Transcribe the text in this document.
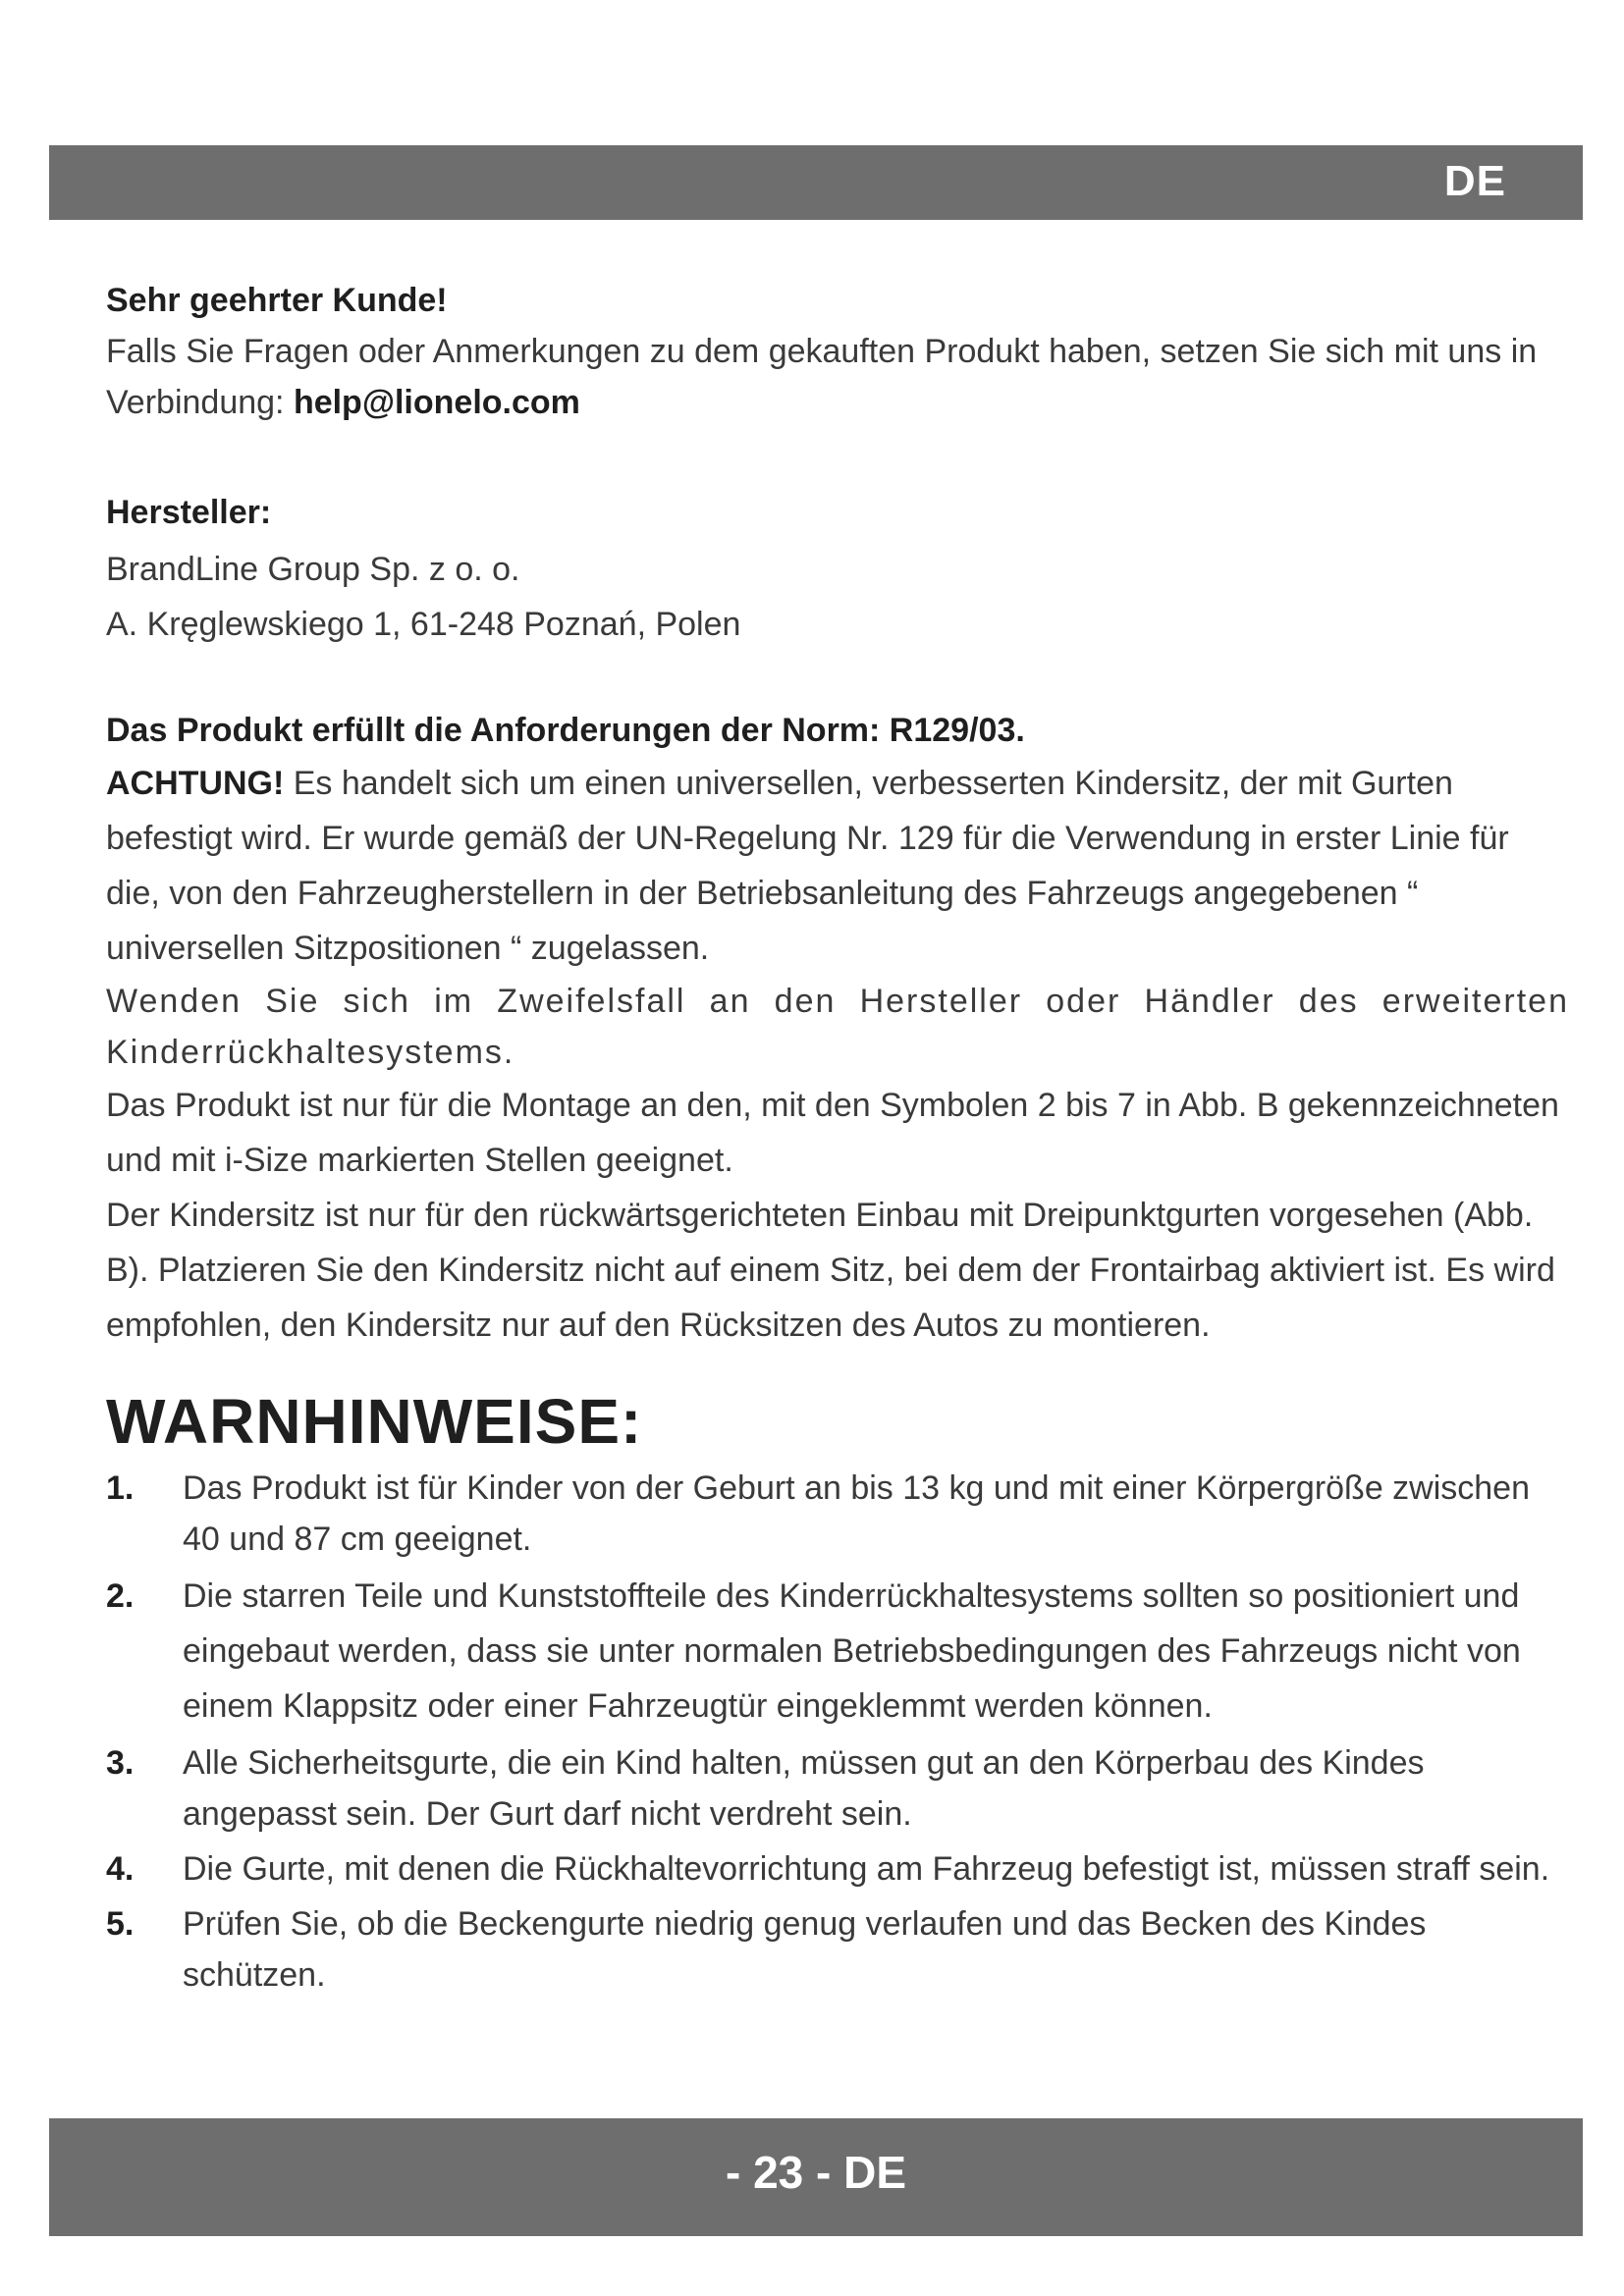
DE

Sehr geehrter Kunde!

Falls Sie Fragen oder Anmerkungen zu dem gekauften Produkt haben, setzen Sie sich mit uns in Verbindung: help@lionelo.com

Hersteller:

BrandLine Group Sp. z o. o.

A. Kręglewskiego 1, 61-248 Poznań, Polen

Das Produkt erfüllt die Anforderungen der Norm: R129/03.

ACHTUNG! Es handelt sich um einen universellen, verbesserten Kindersitz, der mit Gurten befestigt wird. Er wurde gemäß der UN-Regelung Nr. 129 für die Verwendung in erster Linie für die, von den Fahrzeugherstellern in der Betriebsanleitung des Fahrzeugs angegebenen “ universellen Sitzpositionen “ zugelassen.

Wenden Sie sich im Zweifelsfall an den Hersteller oder Händler des erweiterten Kinderrückhaltesystems.

Das Produkt ist nur für die Montage an den, mit den Symbolen 2 bis 7 in Abb. B gekennzeichneten und mit i-Size markierten Stellen geeignet.

Der Kindersitz ist nur für den rückwärtsgerichteten Einbau mit Dreipunktgurten vorgesehen (Abb. B). Platzieren Sie den Kindersitz nicht auf einem Sitz, bei dem der Frontairbag aktiviert ist. Es wird empfohlen, den Kindersitz nur auf den Rücksitzen des Autos zu montieren.

WARNHINWEISE:
1. Das Produkt ist für Kinder von der Geburt an bis 13 kg und mit einer Körpergröße zwischen 40 und 87 cm geeignet.
2. Die starren Teile und Kunststoffteile des Kinderrückhaltesystems sollten so positioniert und eingebaut werden, dass sie unter normalen Betriebsbedingungen des Fahrzeugs nicht von einem Klappsitz oder einer Fahrzeugtür eingeklemmt werden können.
3. Alle Sicherheitsgurte, die ein Kind halten, müssen gut an den Körperbau des Kindes angepasst sein. Der Gurt darf nicht verdreht sein.
4. Die Gurte, mit denen die Rückhaltevorrichtung am Fahrzeug befestigt ist, müssen straff sein.
5. Prüfen Sie, ob die Beckengurte niedrig genug verlaufen und das Becken des Kindes schützen.
- 23 - DE
